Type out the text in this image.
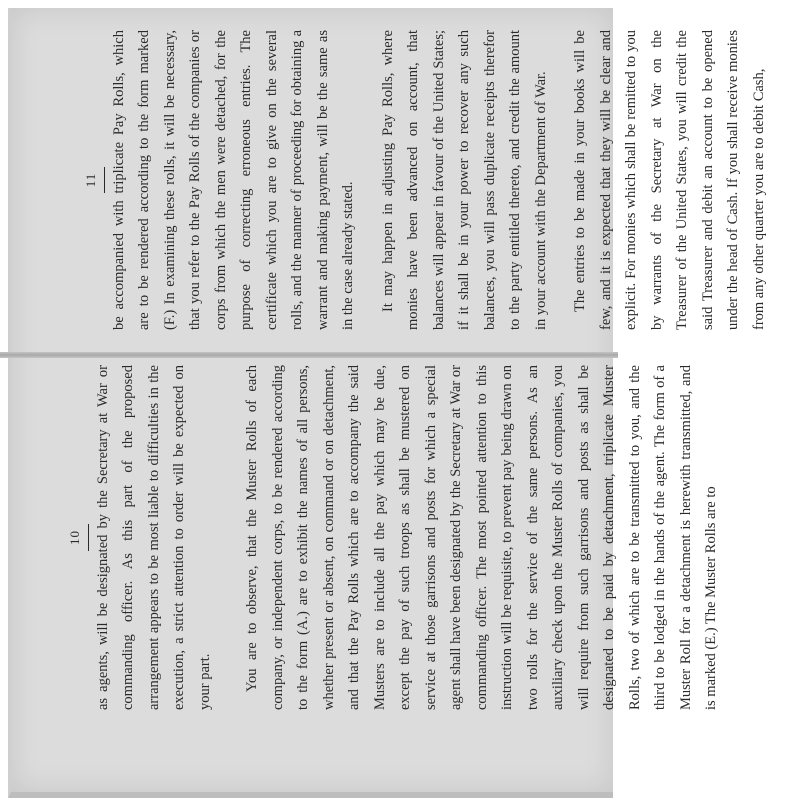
10 as agents, will be designated by the Secretary at War or commanding officer. As this part of the proposed arrangement appears to be most liable to difficulties in the execution, a strict attention to order will be expected on your part.	You are to observe, that the Muster Rolls of each company, or independent corps, to be rendered according to the form (A.) are to exhibit the names of all persons, whether present or absent, on command or on detachment, and that the Pay Rolls which are to accompany the said Musters are to include all the pay which may be due, except the pay of such troops as shall be mustered on service at those garrisons and posts for which a special agent shall have been designated by the Secretary at War or commanding officer. The most pointed attention to this instruction will be requisite, to prevent pay being drawn on two rolls for the service of the same persons. As an auxiliary check upon the Muster Rolls of companies, you will require from such garrisons and posts as shall be designated to be paid by detachment, triplicate Muster Rolls, two of which are to be transmitted to you, and the third to be lodged in the hands of the agent. The form of a Muster Roll for a detachment is herewith transmitted, and is marked (E.) The Muster Rolls are to

11 be accompanied with triplicate Pay Rolls, which are to be rendered according to the form marked (F.) In examining these rolls, it will be necessary, that you refer to the Pay Rolls of the companies or corps from which the men were detached, for the purpose of correcting erroneous entries. The certificate which you are to give on the several rolls, and the manner of proceeding for obtaining a warrant and making payment, will be the same as in the case already stated.	It may happen in adjusting Pay Rolls, where monies have been advanced on account, that balances will appear in favour of the United States; if it shall be in your power to recover any such balances, you will pass duplicate receipts therefor to the party entitled thereto, and credit the amount in your account with the Department of War.	The entries to be made in your books will be few, and it is expected that they will be clear and explicit. For monies which shall be remitted to you by warrants of the Secretary at War on the Treasurer of the United States, you will credit the said Treasurer and debit an account to be opened under the head of Cash. If you shall receive monies from any other quarter you are to debit Cash,
